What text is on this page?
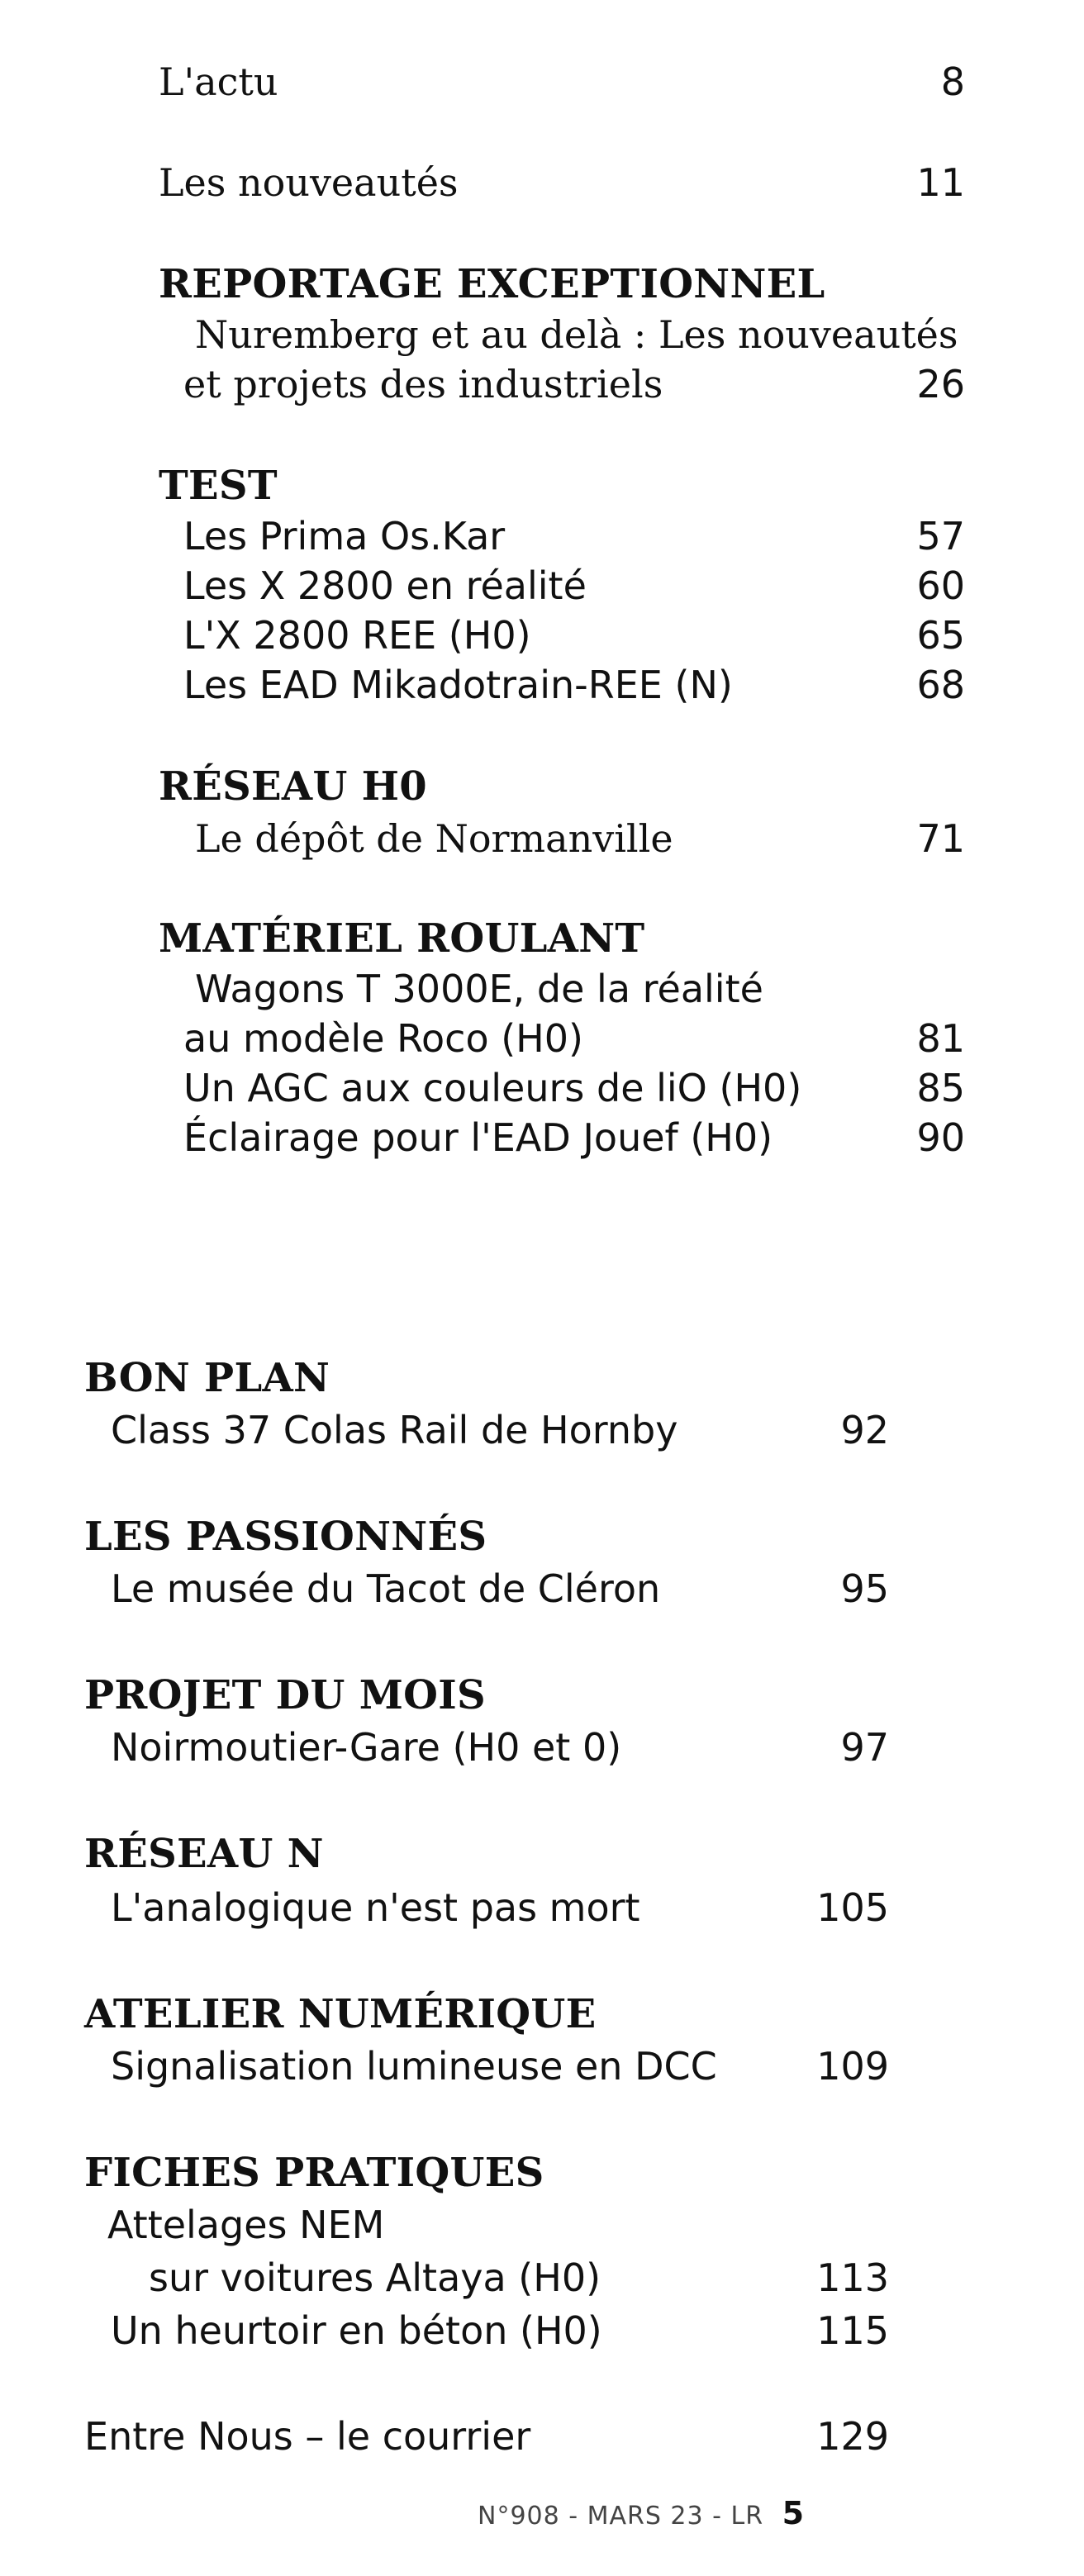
L'actu	8
Les nouveautés	11
REPORTAGE EXCEPTIONNEL
Nuremberg et au delà : Les nouveautés
et projets des industriels	26
TEST
Les Prima Os.Kar	57
Les X 2800 en réalité	60
L'X 2800 REE (H0)	65
Les EAD Mikadotrain-REE (N)	68
RÉSEAU H0
Le dépôt de Normanville	71
MATÉRIEL ROULANT
Wagons T 3000E, de la réalité
au modèle Roco (H0)	81
Un AGC aux couleurs de liO (H0)	85
Éclairage pour l'EAD Jouef (H0)	90
BON PLAN
Class 37 Colas Rail de Hornby	92
LES PASSIONNÉS
Le musée du Tacot de Cléron	95
PROJET DU MOIS
Noirmoutier-Gare (H0 et 0)	97
RÉSEAU N
L'analogique n'est pas mort	105
ATELIER NUMÉRIQUE
Signalisation lumineuse en DCC	109
FICHES PRATIQUES
Attelages NEM
sur voitures Altaya (H0)	113
Un heurtoir en béton (H0)	115
Entre Nous – le courrier	129
N°908 - MARS 23 - LR 5
